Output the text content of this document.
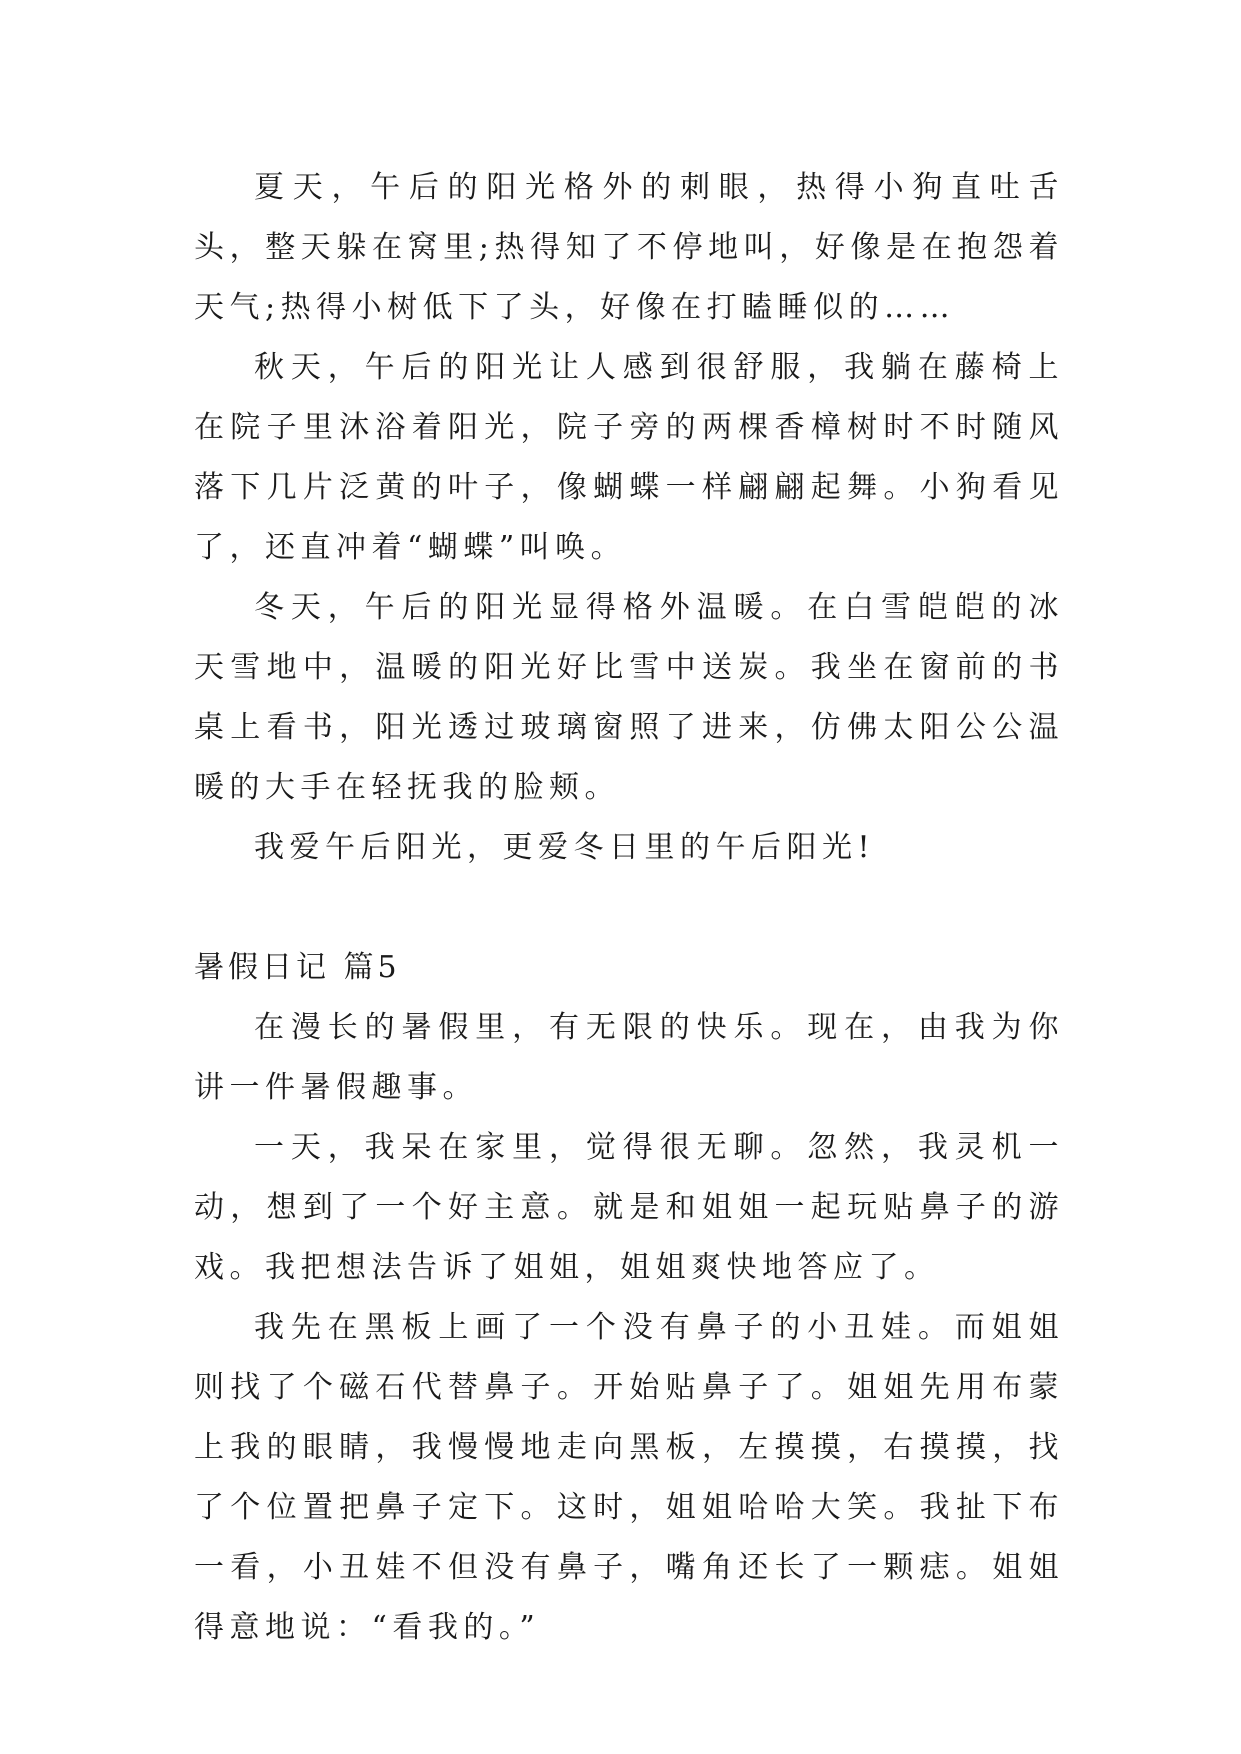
夏天，午后的阳光格外的刺眼，热得小狗直吐舌头，整天躲在窝里;热得知了不停地叫，好像是在抱怨着天气;热得小树低下了头，好像在打瞌睡似的……

秋天，午后的阳光让人感到很舒服，我躺在藤椅上在院子里沐浴着阳光，院子旁的两棵香樟树时不时随风落下几片泛黄的叶子，像蝴蝶一样翩翩起舞。小狗看见了，还直冲着“蝴蝶”叫唤。

冬天，午后的阳光显得格外温暖。在白雪皑皑的冰天雪地中，温暖的阳光好比雪中送炭。我坐在窗前的书桌上看书，阳光透过玻璃窗照了进来，仿佛太阳公公温暖的大手在轻抚我的脸颊。

我爱午后阳光，更爱冬日里的午后阳光!

暑假日记 篇5

在漫长的暑假里，有无限的快乐。现在，由我为你讲一件暑假趣事。

一天，我呆在家里，觉得很无聊。忽然，我灵机一动，想到了一个好主意。就是和姐姐一起玩贴鼻子的游戏。我把想法告诉了姐姐，姐姐爽快地答应了。

我先在黑板上画了一个没有鼻子的小丑娃。而姐姐则找了个磁石代替鼻子。开始贴鼻子了。姐姐先用布蒙上我的眼睛，我慢慢地走向黑板，左摸摸，右摸摸，找了个位置把鼻子定下。这时，姐姐哈哈大笑。我扯下布一看，小丑娃不但没有鼻子，嘴角还长了一颗痣。姐姐得意地说：“看我的。”
